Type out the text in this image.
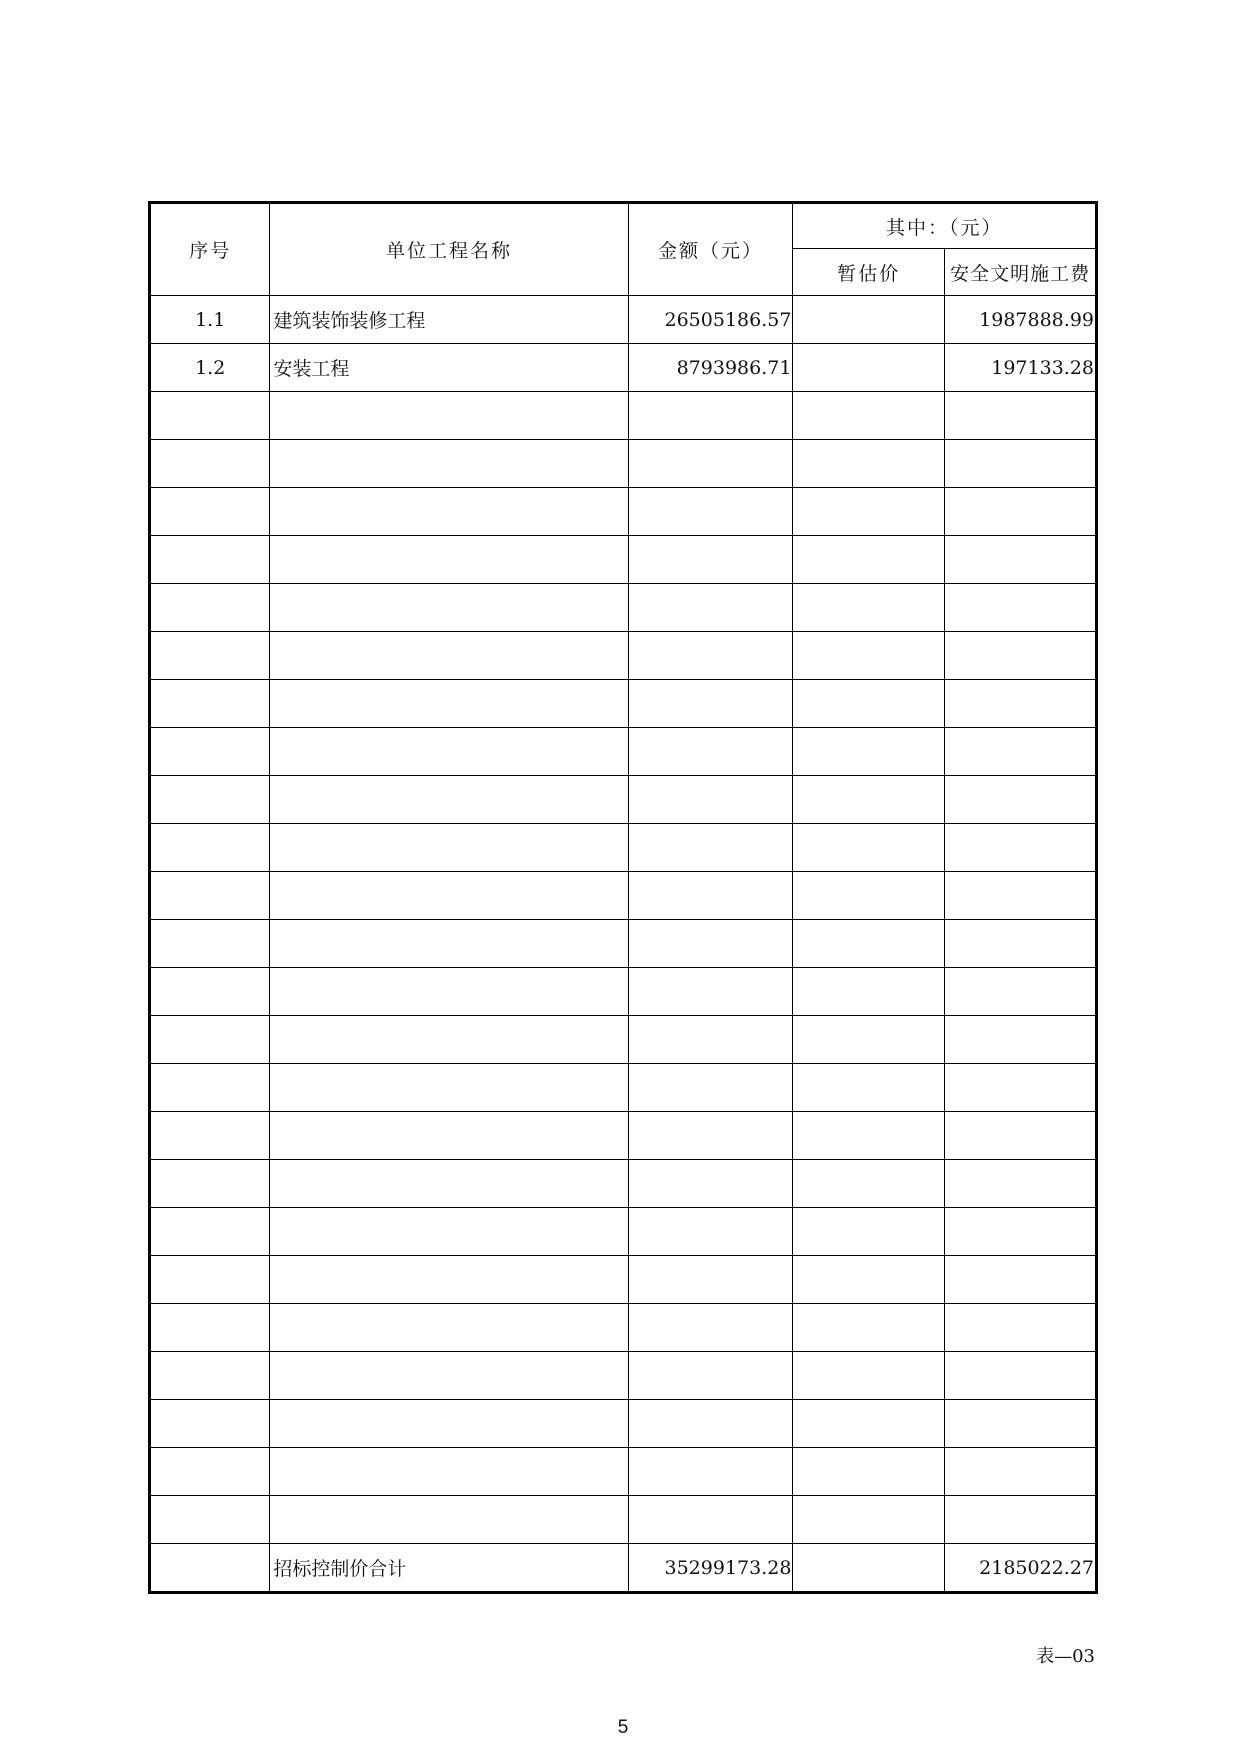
序号	单位工程名称	金额（元）	其中：（元）	
			暂估价	安全文明施工费
1.1	建筑装饰装修工程	26505186.57		1987888.99
1.2	安装工程	8793986.71		197133.28

	招标控制价合计	35299173.28		2185022.27
表—03
5
